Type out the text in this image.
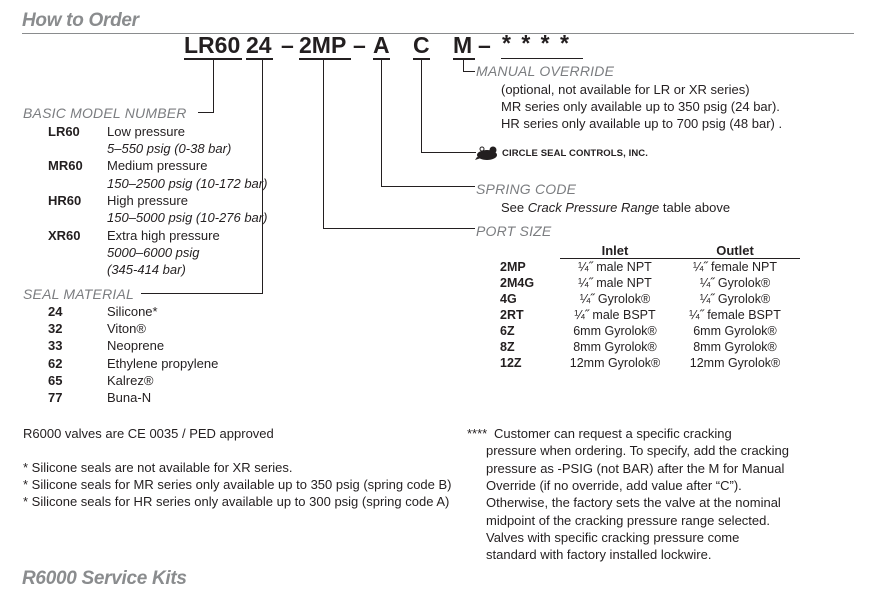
How to Order
LR60 24 – 2MP – A C M – * * * *
MANUAL OVERRIDE
(optional, not available for LR or XR series)
MR series only available up to 350 psig (24 bar).
HR series only available up to 700 psig (48 bar) .
CIRCLE SEAL CONTROLS, INC.
SPRING CODE
See Crack Pressure Range table above
PORT SIZE
	Inlet	Outlet
2MP	¼˝ male NPT	¼˝ female NPT
2M4G	¼˝ male NPT	¼˝ Gyrolok®
4G	¼˝ Gyrolok®	¼˝ Gyrolok®
2RT	¼˝ male BSPT	¼˝ female BSPT
6Z	6mm Gyrolok®	6mm Gyrolok®
8Z	8mm Gyrolok®	8mm Gyrolok®
12Z	12mm Gyrolok®	12mm Gyrolok®
BASIC MODEL NUMBER
LR60 Low pressure
5–550 psig (0-38 bar)
MR60 Medium pressure
150–2500 psig (10-172 bar)
HR60 High pressure
150–5000 psig (10-276 bar)
XR60 Extra high pressure
5000–6000 psig
(345-414 bar)
SEAL MATERIAL
24	Silicone*
32	Viton®
33	Neoprene
62	Ethylene propylene
65	Kalrez®
77	Buna-N
R6000 valves are CE 0035 / PED approved
* Silicone seals are not available for XR series.
* Silicone seals for MR series only available up to 350 psig (spring code B)
* Silicone seals for HR series only available up to 300 psig (spring code A)
**** Customer can request a specific cracking
pressure when ordering. To specify, add the cracking
pressure as -PSIG (not BAR) after the M for Manual
Override (if no override, add value after “C”).
Otherwise, the factory sets the valve at the nominal
midpoint of the cracking pressure range selected.
Valves with specific cracking pressure come
standard with factory installed lockwire.
R6000 Service Kits
